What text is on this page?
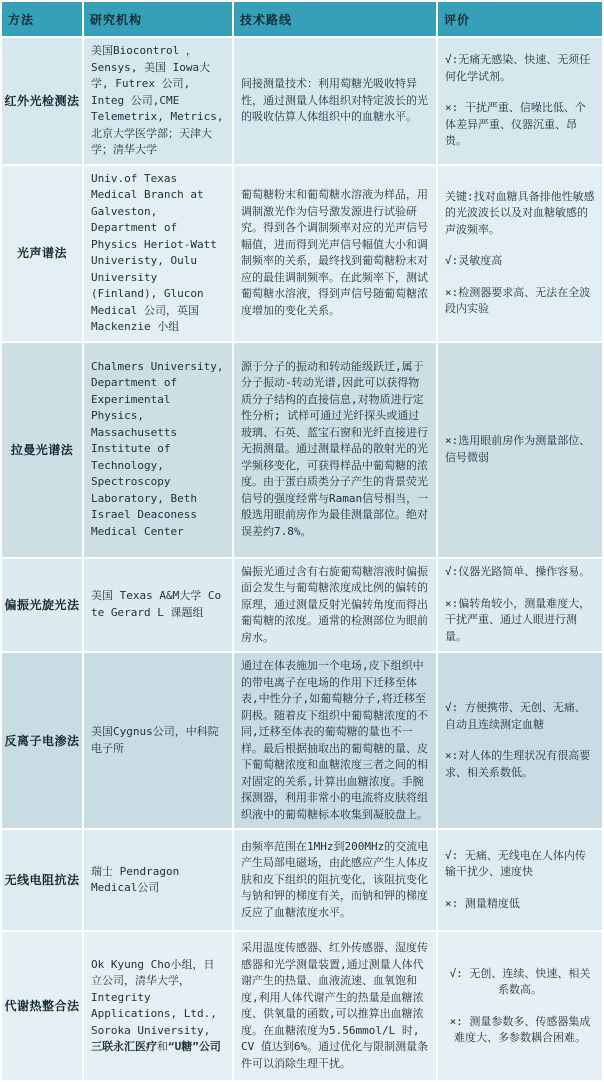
方法	研究机构	技术路线	评价
红外光检测法	美国Biocontrol ，Sensys, 美国 Iowa大学, Futrex 公司, Integ 公司,CME Telemetrix, Metrics, 北京大学医学部；天津大学；清华大学	间接测量技术：利用萄糖光吸收特异性，通过测量人体组织对特定波长的光的吸收估算人体组织中的血糖水平。	√:无痛无感染、快速、无须任何化学试剂。

×: 干扰严重、信噪比低、个体差异严重、仪器沉重、昂贵。

光声谱法	Univ.of Texas Medical Branch at Galveston, Department of Physics Heriot-Watt Univeristy, Oulu University (Finland), Glucon Medical 公司，英国Mackenzie 小组	葡萄糖粉末和葡萄糖水溶液为样品，用调制激光作为信号激发源进行试验研究。得到各个调制频率对应的光声信号幅值，进而得到光声信号幅值大小和调制频率的关系，最终找到葡萄糖粉末对应的最佳调制频率。在此频率下，测试葡萄糖水溶液，得到声信号随葡萄糖浓度增加的变化关系。	关键:找对血糖具备排他性敏感的光波波长以及对血糖敏感的声波频率。

√:灵敏度高

×:检测器要求高、无法在全波段内实验

拉曼光谱法	Chalmers University, Department of Experimental Physics, Massachusetts Institute of Technology, Spectroscopy Laboratory, Beth Israel Deaconess Medical Center	源于分子的振动和转动能级跃迁,属于分子振动-转动光谱,因此可以获得物质分子结构的直接信息,对物质进行定性分析; 试样可通过光纤探头或通过玻璃、石英、蓝宝石窗和光纤直接进行无损测量。通过测量样品的散射光的光学频移变化，可获得样品中葡萄糖的浓度。由于蛋白质类分子产生的背景荧光信号的强度经常与Raman信号相当，一般选用眼前房作为最佳测量部位。绝对误差约7.8%。	×:选用眼前房作为测量部位、信号微弱

偏振光旋光法	美国 Texas A&M大学 Co te Gerard L 课题组	偏振光通过含有右旋葡萄糖溶液时偏振面会发生与葡萄糖浓度成比例的偏转的原理，通过测量反射光偏转角度而得出葡萄糖的浓度。通常的检测部位为眼前房水。	√:仪器光路简单、操作容易。

×:偏转角较小，测量难度大，干扰严重、通过人眼进行测量。

反离子电渗法	美国Cygnus公司，中科院电子所	通过在体表施加一个电场,皮下组织中的带电离子在电场的作用下迁移至体表,中性分子,如葡萄糖分子,将迁移至阴极。随着皮下组织中葡萄糖浓度的不同,迁移至体表的葡萄糖的量也不一样。最后根据抽取出的葡萄糖的量、皮下葡萄糖浓度和血糖浓度三者之间的相对固定的关系,计算出血糖浓度。手腕探测器，利用非常小的电流将皮肤将组织液中的葡萄糖标本收集到凝胶盘上。	√: 方便携带、无创、无痛、自动且连续测定血糖

×:对人体的生理状况有很高要求、相关系数低。

无线电阻抗法	瑞士 Pendragon Medical公司	由频率范围在1MHz到200MHz的交流电产生局部电磁场，由此感应产生人体皮肤和皮下组织的阻抗变化，该阻抗变化与钠和钾的梯度有关，而钠和钾的梯度反应了血糖浓度水平。	√: 无痛、无线电在人体内传输干扰少、速度快

×: 测量精度低

代谢热整合法	Ok Kyung Cho小组，日立公司，清华大学，Integrity Applications, Ltd., Soroka University, 三联永汇医疗和“U糖”公司	采用温度传感器、红外传感器、湿度传感器和光学测量装置,通过测量人体代谢产生的热量、血液流速、血氧饱和度,利用人体代谢产生的热量是血糖浓度、供氧量的函数,可以推算出血糖浓度。在血糖浓度为5.56mmol/L 时, CV 值达到6%。通过优化与限制测量条件可以消除生理干扰。	√: 无创、连续、快速、相关系数高。

×: 测量参数多、传感器集成难度大、多参数耦合困难。
